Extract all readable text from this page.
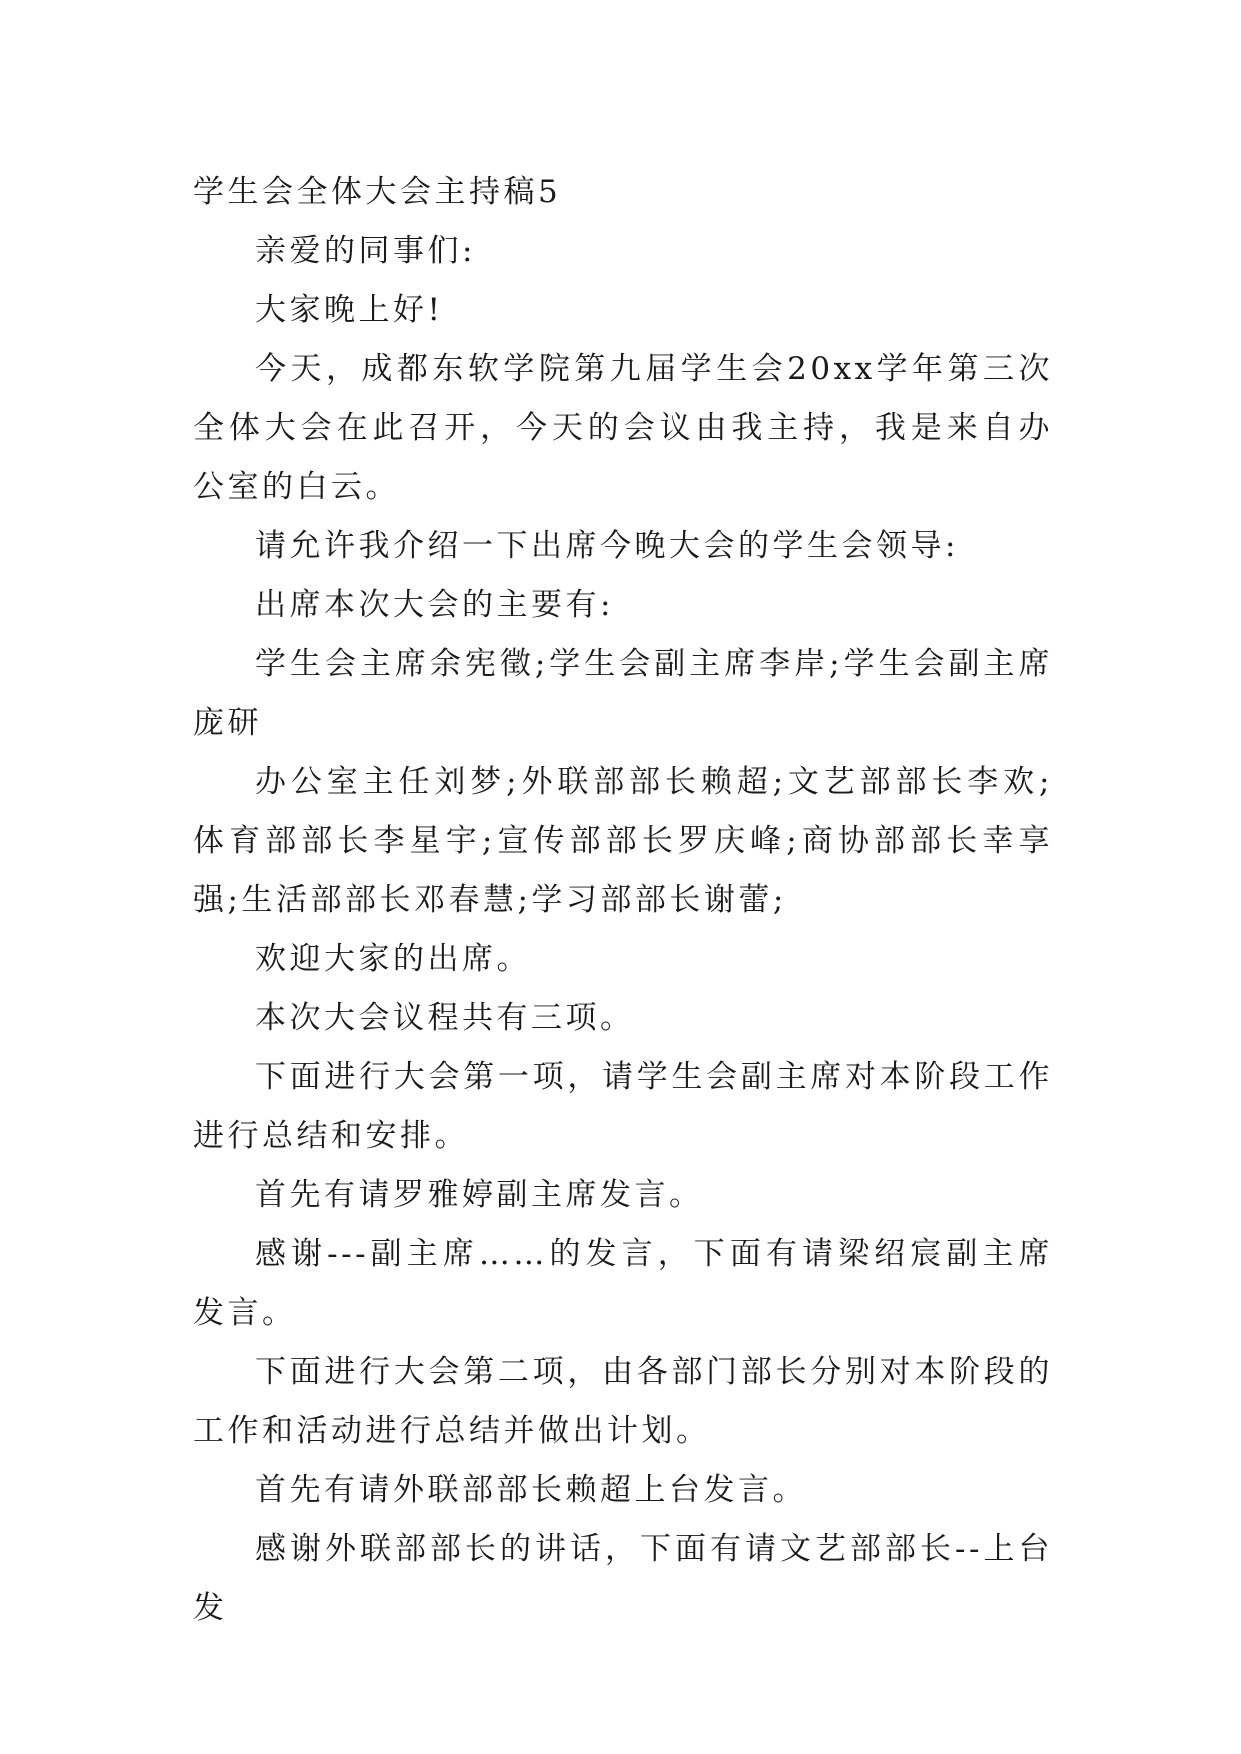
学生会全体大会主持稿5

亲爱的同事们:

大家晚上好!

今天，成都东软学院第九届学生会20xx学年第三次全体大会在此召开，今天的会议由我主持，我是来自办公室的白云。

请允许我介绍一下出席今晚大会的学生会领导:

出席本次大会的主要有:

学生会主席余宪徵;学生会副主席李岸;学生会副主席庞研

办公室主任刘梦;外联部部长赖超;文艺部部长李欢;体育部部长李星宇;宣传部部长罗庆峰;商协部部长幸享强;生活部部长邓春慧;学习部部长谢蕾;

欢迎大家的出席。

本次大会议程共有三项。

下面进行大会第一项，请学生会副主席对本阶段工作进行总结和安排。

首先有请罗雅婷副主席发言。

感谢---副主席……的发言，下面有请梁绍宸副主席发言。

下面进行大会第二项，由各部门部长分别对本阶段的工作和活动进行总结并做出计划。

首先有请外联部部长赖超上台发言。

感谢外联部部长的讲话，下面有请文艺部部长--上台发
